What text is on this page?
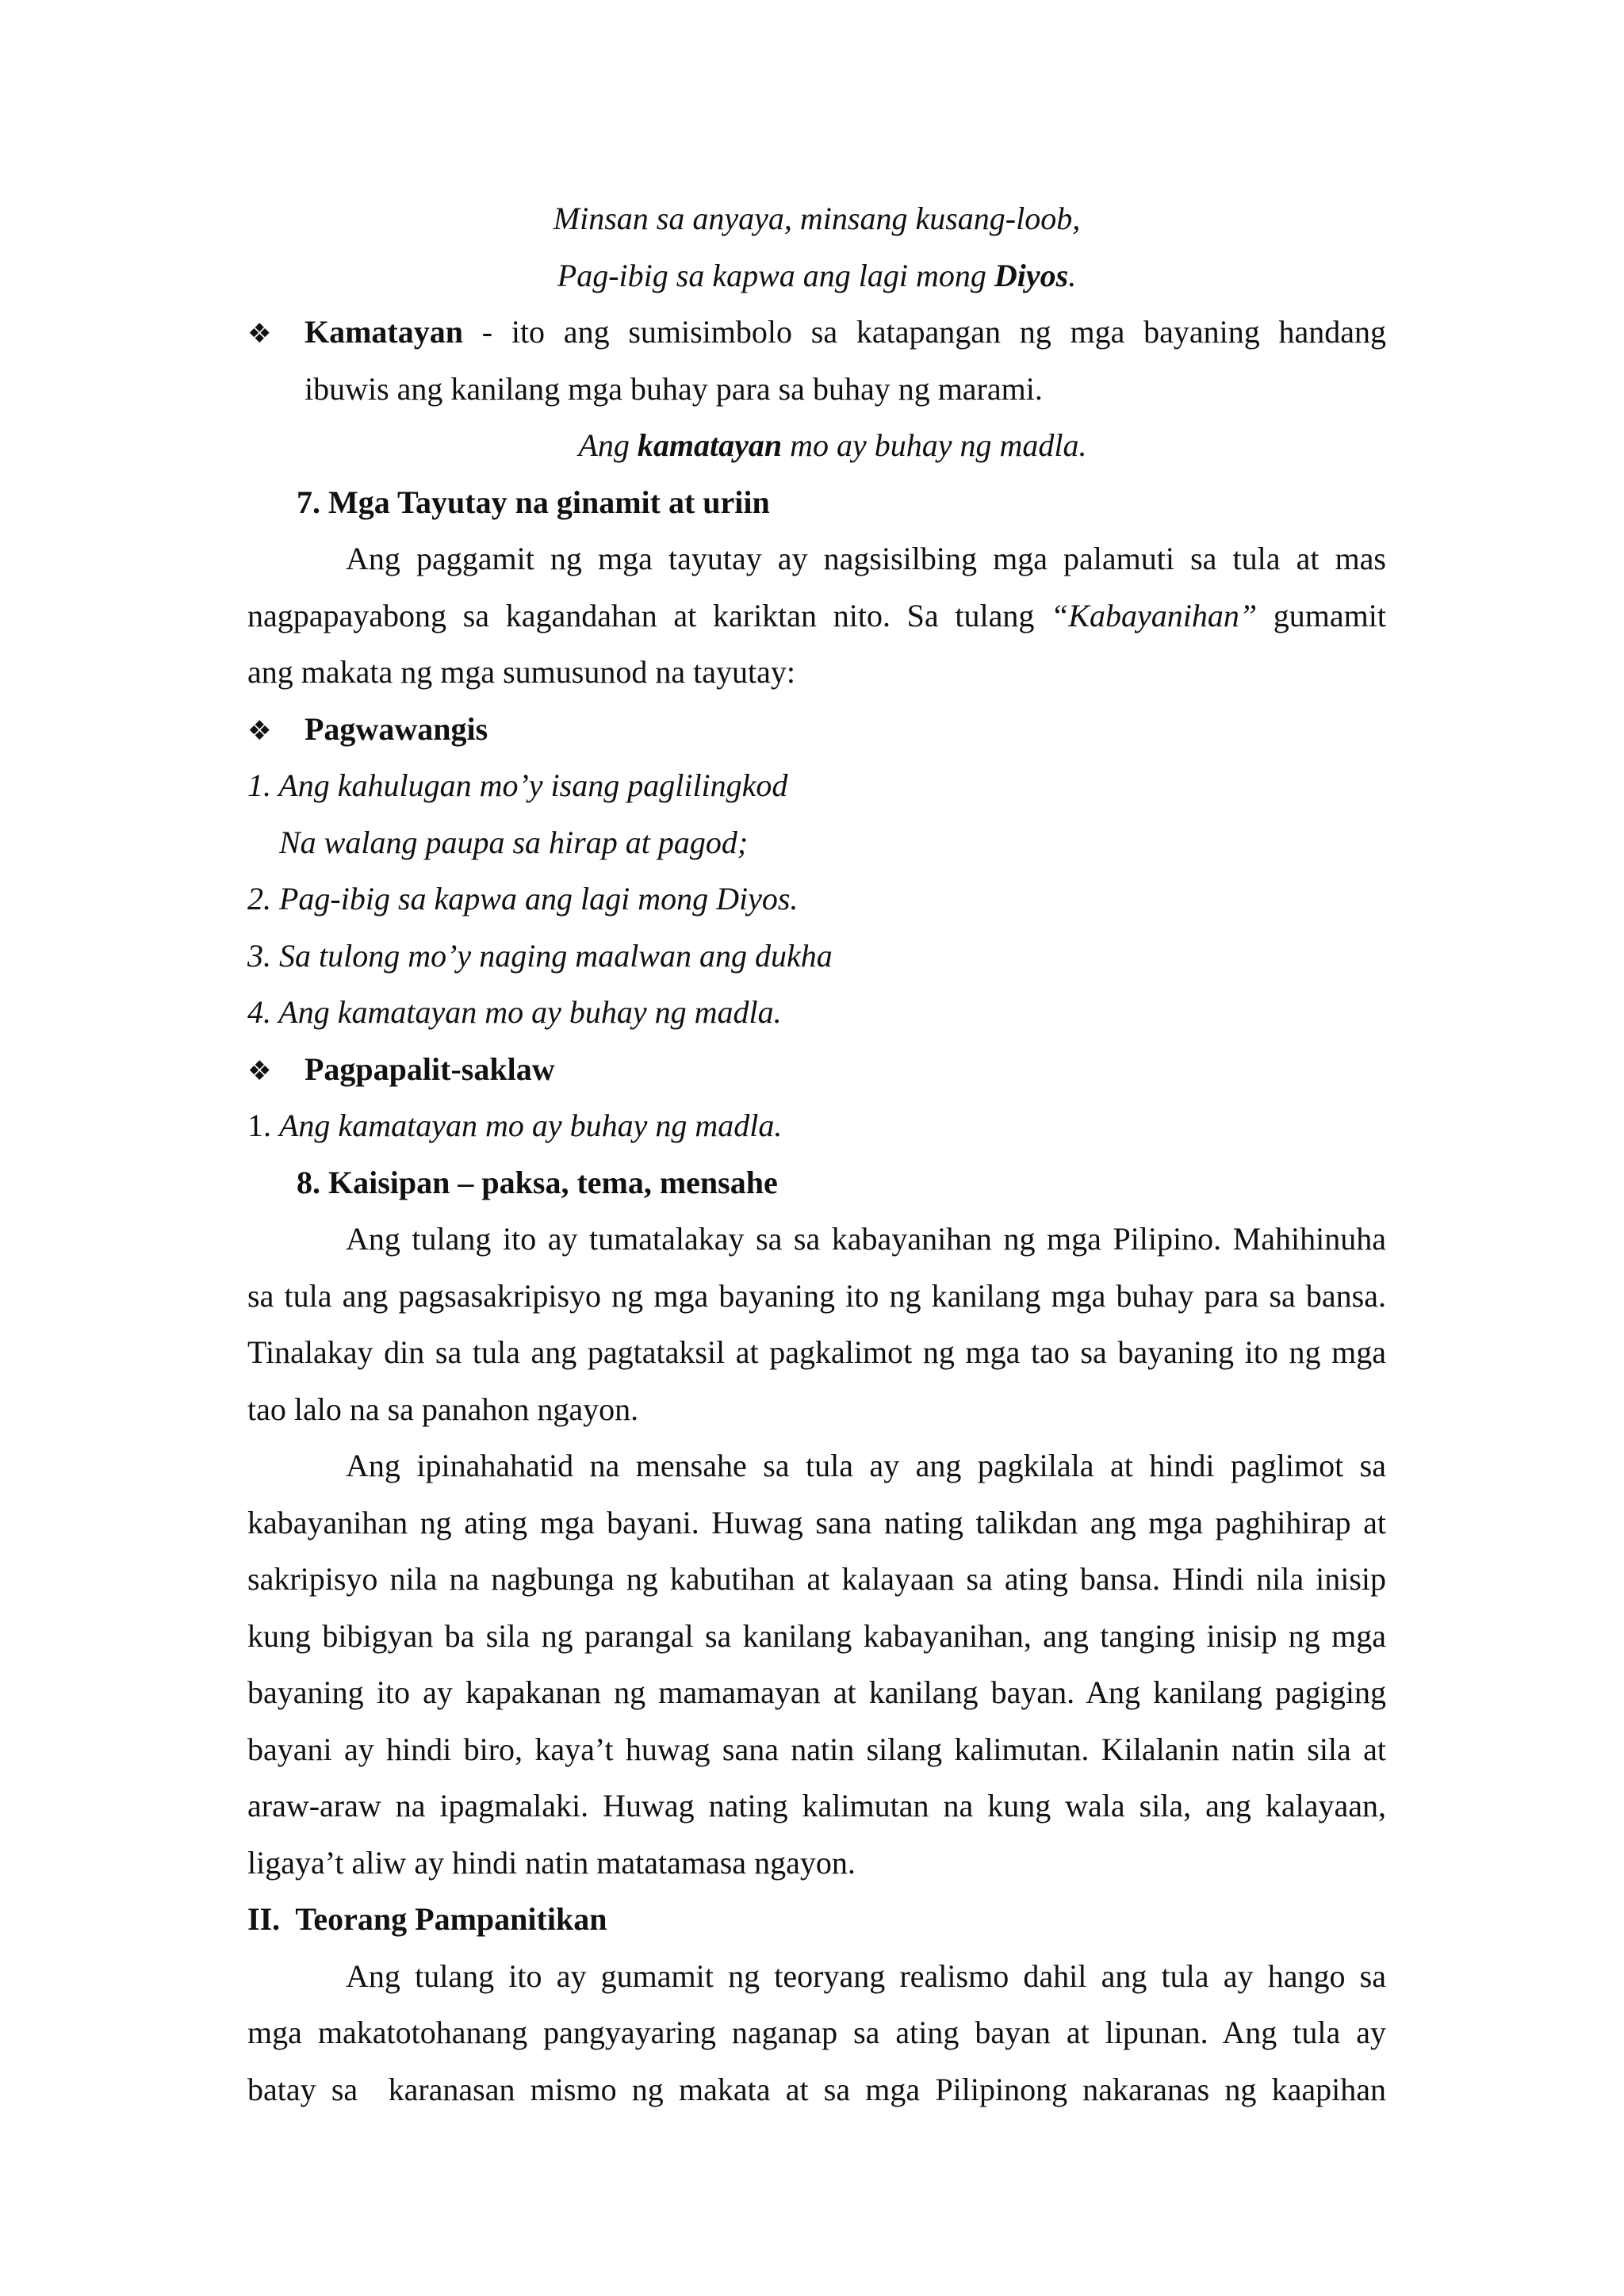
Minsan sa anyaya, minsang kusang-loob,
Pag-ibig sa kapwa ang lagi mong Diyos.
❖ Kamatayan - ito ang sumisimbolo sa katapangan ng mga bayaning handang
ibuwis ang kanilang mga buhay para sa buhay ng marami.
Ang kamatayan mo ay buhay ng madla.
7. Mga Tayutay na ginamit at uriin
Ang paggamit ng mga tayutay ay nagsisilbing mga palamuti sa tula at mas
nagpapayabong sa kagandahan at kariktan nito. Sa tulang “Kabayanihan” gumamit
ang makata ng mga sumusunod na tayutay:
❖ Pagwawangis
1. Ang kahulugan mo’y isang paglilingkod
Na walang paupa sa hirap at pagod;
2. Pag-ibig sa kapwa ang lagi mong Diyos.
3. Sa tulong mo’y naging maalwan ang dukha
4. Ang kamatayan mo ay buhay ng madla.
❖ Pagpapalit-saklaw
1. Ang kamatayan mo ay buhay ng madla.
8. Kaisipan – paksa, tema, mensahe
Ang tulang ito ay tumatalakay sa sa kabayanihan ng mga Pilipino. Mahihinuha
sa tula ang pagsasakripisyo ng mga bayaning ito ng kanilang mga buhay para sa bansa.
Tinalakay din sa tula ang pagtataksil at pagkalimot ng mga tao sa bayaning ito ng mga
tao lalo na sa panahon ngayon.
Ang ipinahahatid na mensahe sa tula ay ang pagkilala at hindi paglimot sa
kabayanihan ng ating mga bayani. Huwag sana nating talikdan ang mga paghihirap at
sakripisyo nila na nagbunga ng kabutihan at kalayaan sa ating bansa. Hindi nila inisip
kung bibigyan ba sila ng parangal sa kanilang kabayanihan, ang tanging inisip ng mga
bayaning ito ay kapakanan ng mamamayan at kanilang bayan. Ang kanilang pagiging
bayani ay hindi biro, kaya’t huwag sana natin silang kalimutan. Kilalanin natin sila at
araw-araw na ipagmalaki. Huwag nating kalimutan na kung wala sila, ang kalayaan,
ligaya’t aliw ay hindi natin matatamasa ngayon.
II.  Teorang Pampanitikan
Ang tulang ito ay gumamit ng teoryang realismo dahil ang tula ay hango sa
mga makatotohanang pangyayaring naganap sa ating bayan at lipunan. Ang tula ay
batay sa  karanasan mismo ng makata at sa mga Pilipinong nakaranas ng kaapihan
